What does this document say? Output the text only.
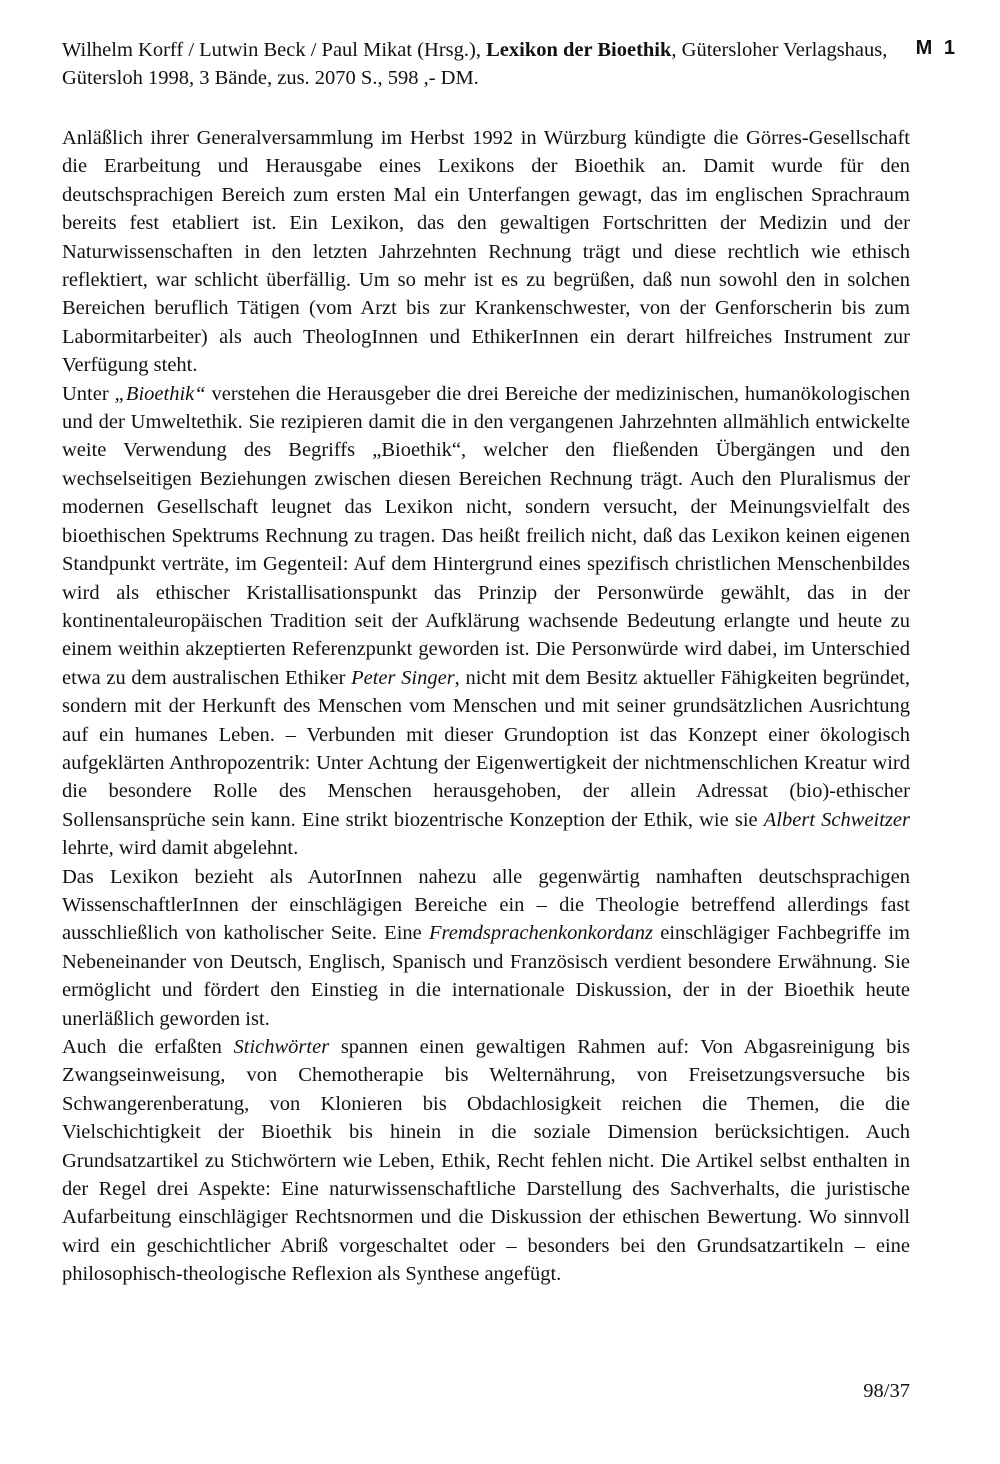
M 1
Wilhelm Korff / Lutwin Beck / Paul Mikat (Hrsg.), Lexikon der Bioethik, Gütersloher Verlagshaus, Gütersloh 1998, 3 Bände, zus. 2070 S., 598 ,- DM.

Anläßlich ihrer Generalversammlung im Herbst 1992 in Würzburg kündigte die Görres-Gesellschaft die Erarbeitung und Herausgabe eines Lexikons der Bioethik an. Damit wurde für den deutschsprachigen Bereich zum ersten Mal ein Unterfangen gewagt, das im englischen Sprachraum bereits fest etabliert ist. Ein Lexikon, das den gewaltigen Fortschritten der Medizin und der Naturwissenschaften in den letzten Jahrzehnten Rechnung trägt und diese rechtlich wie ethisch reflektiert, war schlicht überfällig. Um so mehr ist es zu begrüßen, daß nun sowohl den in solchen Bereichen beruflich Tätigen (vom Arzt bis zur Krankenschwester, von der Genforscherin bis zum Labormitarbeiter) als auch TheologInnen und EthikerInnen ein derart hilfreiches Instrument zur Verfügung steht.

Unter „Bioethik“ verstehen die Herausgeber die drei Bereiche der medizinischen, humanökologischen und der Umweltethik. Sie rezipieren damit die in den vergangenen Jahrzehnten allmählich entwickelte weite Verwendung des Begriffs „Bioethik“, welcher den fließenden Übergängen und den wechselseitigen Beziehungen zwischen diesen Bereichen Rechnung trägt. Auch den Pluralismus der modernen Gesellschaft leugnet das Lexikon nicht, sondern versucht, der Meinungsvielfalt des bioethischen Spektrums Rechnung zu tragen. Das heißt freilich nicht, daß das Lexikon keinen eigenen Standpunkt verträte, im Gegenteil: Auf dem Hintergrund eines spezifisch christlichen Menschenbildes wird als ethischer Kristallisationspunkt das Prinzip der Personwürde gewählt, das in der kontinentaleuropäischen Tradition seit der Aufklärung wachsende Bedeutung erlangte und heute zu einem weithin akzeptierten Referenzpunkt geworden ist. Die Personwürde wird dabei, im Unterschied etwa zu dem australischen Ethiker Peter Singer, nicht mit dem Besitz aktueller Fähigkeiten begründet, sondern mit der Herkunft des Menschen vom Menschen und mit seiner grundsätzlichen Ausrichtung auf ein humanes Leben. – Verbunden mit dieser Grundoption ist das Konzept einer ökologisch aufgeklärten Anthropozentrik: Unter Achtung der Eigenwertigkeit der nichtmenschlichen Kreatur wird die besondere Rolle des Menschen herausgehoben, der allein Adressat (bio)-ethischer Sollensansprüche sein kann. Eine strikt biozentrische Konzeption der Ethik, wie sie Albert Schweitzer lehrte, wird damit abgelehnt.

Das Lexikon bezieht als AutorInnen nahezu alle gegenwärtig namhaften deutschsprachigen WissenschaftlerInnen der einschlägigen Bereiche ein – die Theologie betreffend allerdings fast ausschließlich von katholischer Seite. Eine Fremdsprachenkonkordanz einschlägiger Fachbegriffe im Nebeneinander von Deutsch, Englisch, Spanisch und Französisch verdient besondere Erwähnung. Sie ermöglicht und fördert den Einstieg in die internationale Diskussion, der in der Bioethik heute unerläßlich geworden ist.

Auch die erfaßten Stichwörter spannen einen gewaltigen Rahmen auf: Von Abgasreinigung bis Zwangseinweisung, von Chemotherapie bis Welternährung, von Freisetzungsversuche bis Schwangerenberatung, von Klonieren bis Obdachlosigkeit reichen die Themen, die die Vielschichtigkeit der Bioethik bis hinein in die soziale Dimension berücksichtigen. Auch Grundsatzartikel zu Stichwörtern wie Leben, Ethik, Recht fehlen nicht. Die Artikel selbst enthalten in der Regel drei Aspekte: Eine naturwissenschaftliche Darstellung des Sachverhalts, die juristische Aufarbeitung einschlägiger Rechtsnormen und die Diskussion der ethischen Bewertung. Wo sinnvoll wird ein geschichtlicher Abriß vorgeschaltet oder – besonders bei den Grundsatzartikeln – eine philosophisch-theologische Reflexion als Synthese angefügt.

98/37
